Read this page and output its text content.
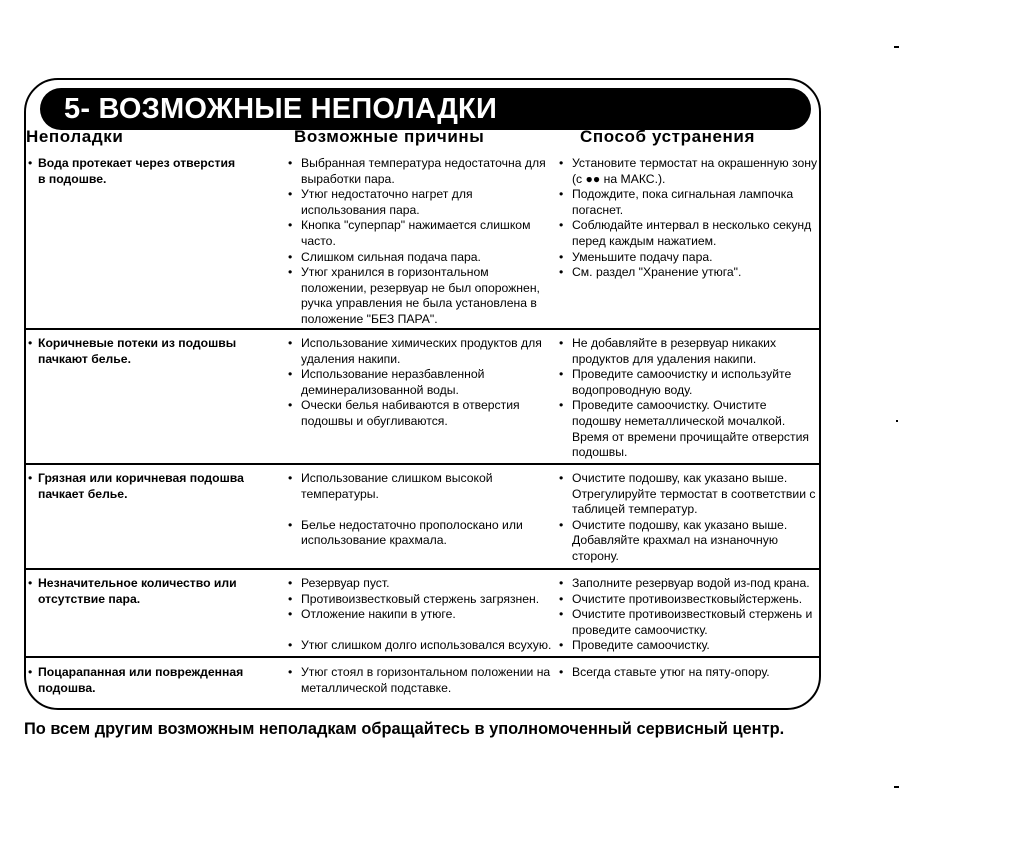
5- ВОЗМОЖНЫЕ НЕПОЛАДКИ
Неполадки	Возможные причины	Способ устранения
• Вода протекает через отверстия
в подошве.
• Выбранная температура недостаточна для
выработки пара.
• Утюг недостаточно нагрет для
использования пара.
• Кнопка "суперпар" нажимается слишком
часто.
• Слишком сильная подача пара.
• Утюг хранился в горизонтальном
положении, резервуар не был опорожнен,
ручка управления не была установлена в
положение "БЕЗ ПАРА".
• Установите термостат на окрашенную зону
(с ●● на МАКС.).
• Подождите, пока сигнальная лампочка
погаснет.
• Соблюдайте интервал в несколько секунд
перед каждым нажатием.
• Уменьшите подачу пара.
• См. раздел "Хранение утюга".
• Коричневые потеки из подошвы
пачкают белье.
• Использование химических продуктов для
удаления накипи.
• Использование неразбавленной
деминерализованной воды.
• Очески белья набиваются в отверстия
подошвы и обугливаются.
• Не добавляйте в резервуар никаких
продуктов для удаления накипи.
• Проведите самоочистку и используйте
водопроводную воду.
• Проведите самоочистку. Очистите
подошву неметаллической мочалкой.
Время от времени прочищайте отверстия
подошвы.
• Грязная или коричневая подошва
пачкает белье.
• Использование слишком высокой
температуры.
• Белье недостаточно прополоскано или
использование крахмала.
• Очистите подошву, как указано выше.
Отрегулируйте термостат в соответствии с
таблицей температур.
• Очистите подошву, как указано выше.
Добавляйте крахмал на изнаночную
сторону.
• Незначительное количество или
отсутствие пара.
• Резервуар пуст.
• Противоизвестковый стержень загрязнен.
• Отложение накипи в утюге.
• Утюг слишком долго использовался всухую.
• Заполните резервуар водой из-под крана.
• Очистите противоизвестковыйстержень.
• Очистите противоизвестковый стержень и
проведите самоочистку.
• Проведите самоочистку.
• Поцарапанная или поврежденная
подошва.
• Утюг стоял в горизонтальном положении на
металлической подставке.
• Всегда ставьте утюг на пяту-опору.
По всем другим возможным неполадкам обращайтесь в уполномоченный сервисный центр.
